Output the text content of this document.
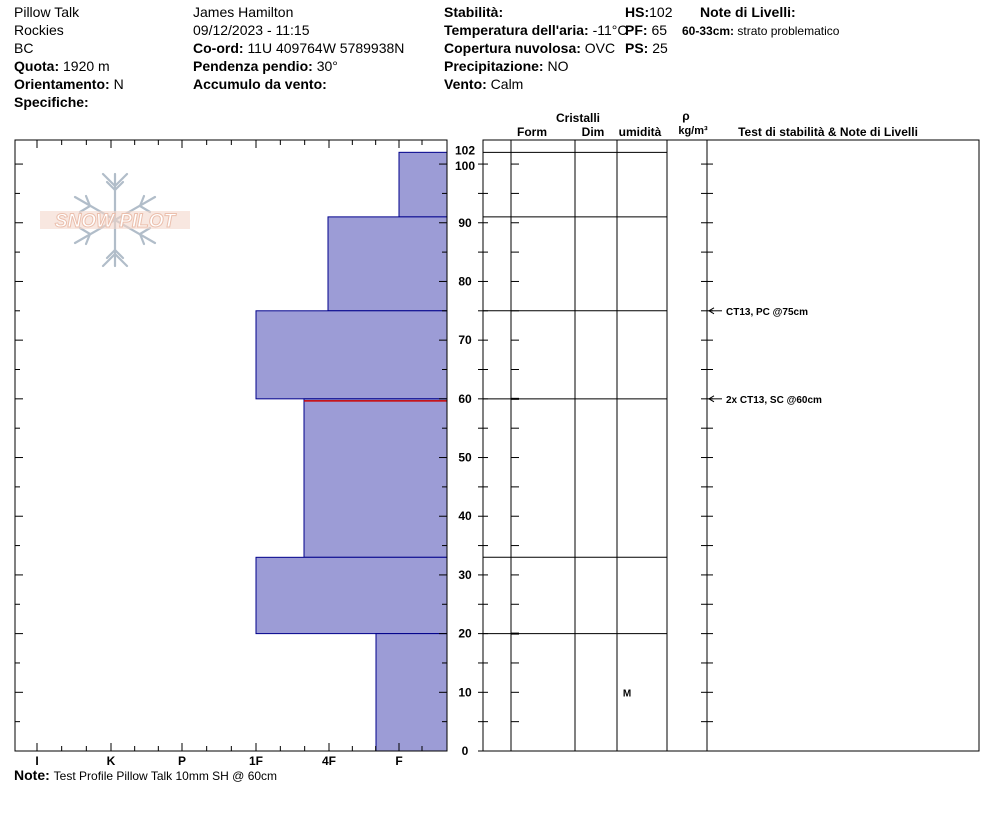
Pillow Talk
Rockies
BC
Quota: 1920 m
Orientamento: N
Specifiche:
James Hamilton
09/12/2023 - 11:15
Co-ord: 11U 409764W 5789938N
Pendenza pendio: 30°
Accumulo da vento:
Stabilità:
Temperatura dell'aria: -11°C
Copertura nuvolosa: OVC
Precipitazione: NO
Vento: Calm
HS:102
PF: 65
PS: 25
Note di Livelli:
60-33cm: strato problematico
Cristalli
Form	Dim umidità
ρ
kg/m³	Test di stabilità & Note di Livelli
SNOW PILOT
I	K	P	1F	4F	F
0
10
20
30
40
50
60
70
80
90
100
102
M
CT13, PC @75cm
2x CT13, SC @60cm
Note: Test Profile Pillow Talk 10mm SH @ 60cm
